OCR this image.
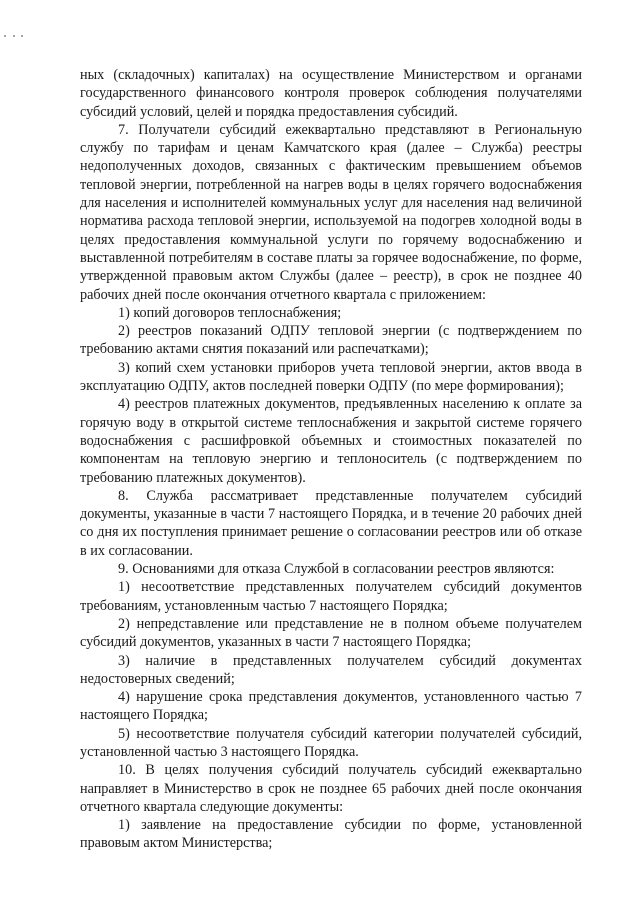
ных (складочных) капиталах) на осуществление Министерством и органами государственного финансового контроля проверок соблюдения получателями субсидий условий, целей и порядка предоставления субсидий.

7. Получатели субсидий ежеквартально представляют в Региональную службу по тарифам и ценам Камчатского края (далее – Служба) реестры недополученных доходов, связанных с фактическим превышением объемов тепловой энергии, потребленной на нагрев воды в целях горячего водоснабжения для населения и исполнителей коммунальных услуг для населения над величиной норматива расхода тепловой энергии, используемой на подогрев холодной воды в целях предоставления коммунальной услуги по горячему водоснабжению и выставленной потребителям в составе платы за горячее водоснабжение, по форме, утвержденной правовым актом Службы (далее – реестр), в срок не позднее 40 рабочих дней после окончания отчетного квартала с приложением:

1) копий договоров теплоснабжения;

2) реестров показаний ОДПУ тепловой энергии (с подтверждением по требованию актами снятия показаний или распечатками);

3) копий схем установки приборов учета тепловой энергии, актов ввода в эксплуатацию ОДПУ, актов последней поверки ОДПУ (по мере формирования);

4) реестров платежных документов, предъявленных населению к оплате за горячую воду в открытой системе теплоснабжения и закрытой системе горячего водоснабжения с расшифровкой объемных и стоимостных показателей по компонентам на тепловую энергию и теплоноситель (с подтверждением по требованию платежных документов).

8. Служба рассматривает представленные получателем субсидий документы, указанные в части 7 настоящего Порядка, и в течение 20 рабочих дней со дня их поступления принимает решение о согласовании реестров или об отказе в их согласовании.

9. Основаниями для отказа Службой в согласовании реестров являются:

1) несоответствие представленных получателем субсидий документов требованиям, установленным частью 7 настоящего Порядка;

2) непредставление или представление не в полном объеме получателем субсидий документов, указанных в части 7 настоящего Порядка;

3) наличие в представленных получателем субсидий документах недостоверных сведений;

4) нарушение срока представления документов, установленного частью 7 настоящего Порядка;

5) несоответствие получателя субсидий категории получателей субсидий, установленной частью 3 настоящего Порядка.

10. В целях получения субсидий получатель субсидий ежеквартально направляет в Министерство в срок не позднее 65 рабочих дней после окончания отчетного квартала следующие документы:

1) заявление на предоставление субсидии по форме, установленной правовым актом Министерства;
